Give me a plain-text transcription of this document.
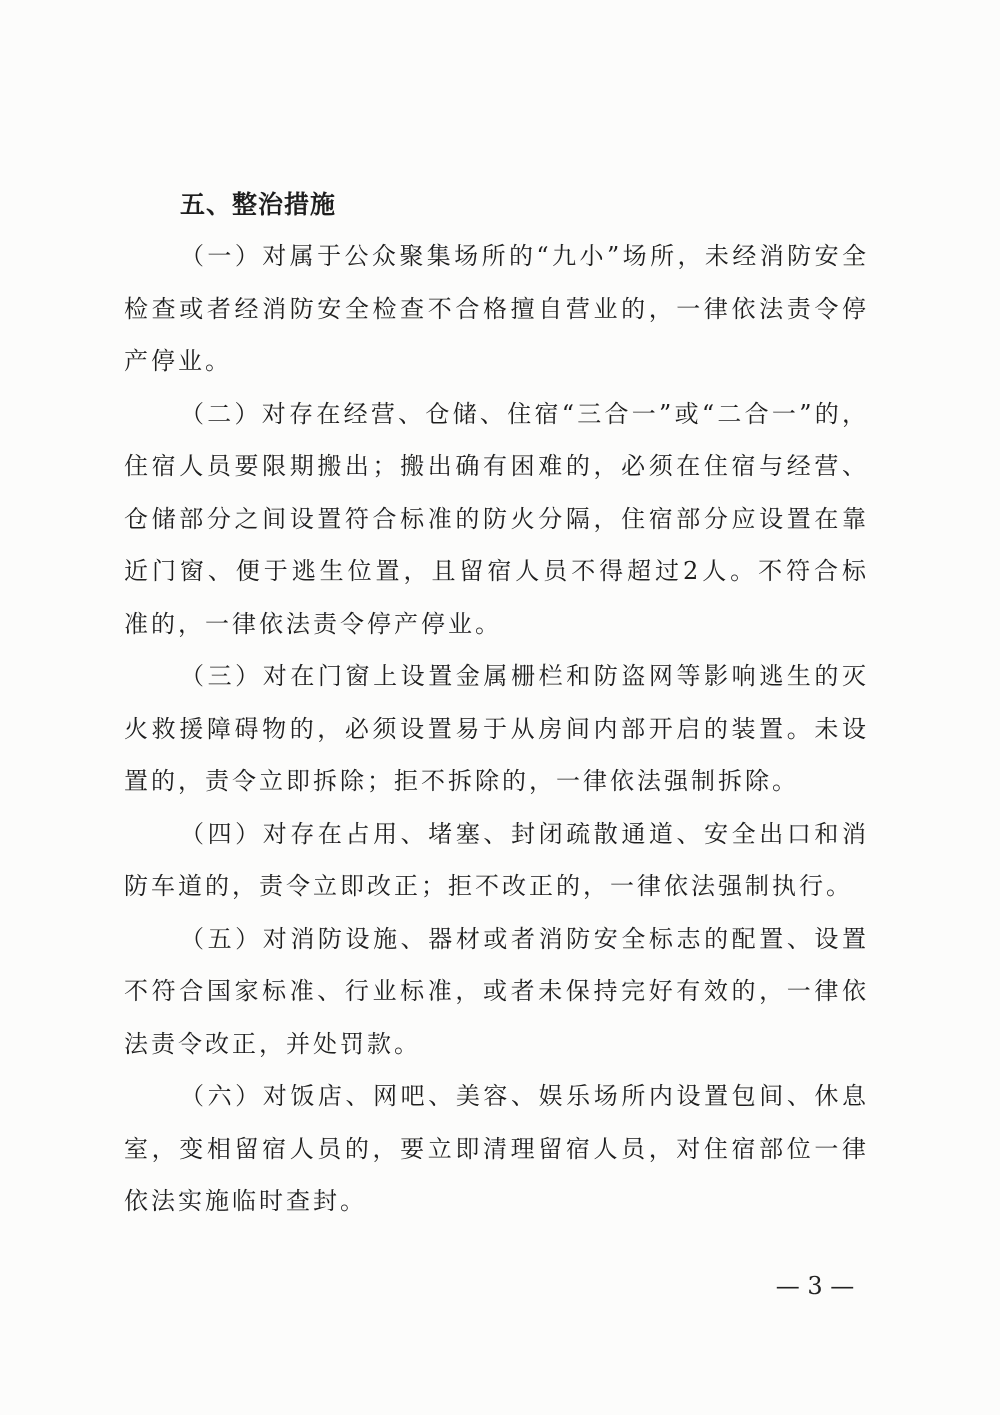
五、整治措施

（一）对属于公众聚集场所的“九小”场所，未经消防安全检查或者经消防安全检查不合格擅自营业的，一律依法责令停产停业。

（二）对存在经营、仓储、住宿“三合一”或“二合一”的，住宿人员要限期搬出；搬出确有困难的，必须在住宿与经营、仓储部分之间设置符合标准的防火分隔，住宿部分应设置在靠近门窗、便于逃生位置，且留宿人员不得超过2人。不符合标准的，一律依法责令停产停业。

（三）对在门窗上设置金属栅栏和防盗网等影响逃生的灭火救援障碍物的，必须设置易于从房间内部开启的装置。未设置的，责令立即拆除；拒不拆除的，一律依法强制拆除。

（四）对存在占用、堵塞、封闭疏散通道、安全出口和消防车道的，责令立即改正；拒不改正的，一律依法强制执行。

（五）对消防设施、器材或者消防安全标志的配置、设置不符合国家标准、行业标准，或者未保持完好有效的，一律依法责令改正，并处罚款。

（六）对饭店、网吧、美容、娱乐场所内设置包间、休息室，变相留宿人员的，要立即清理留宿人员，对住宿部位一律依法实施临时查封。

— 3 —
